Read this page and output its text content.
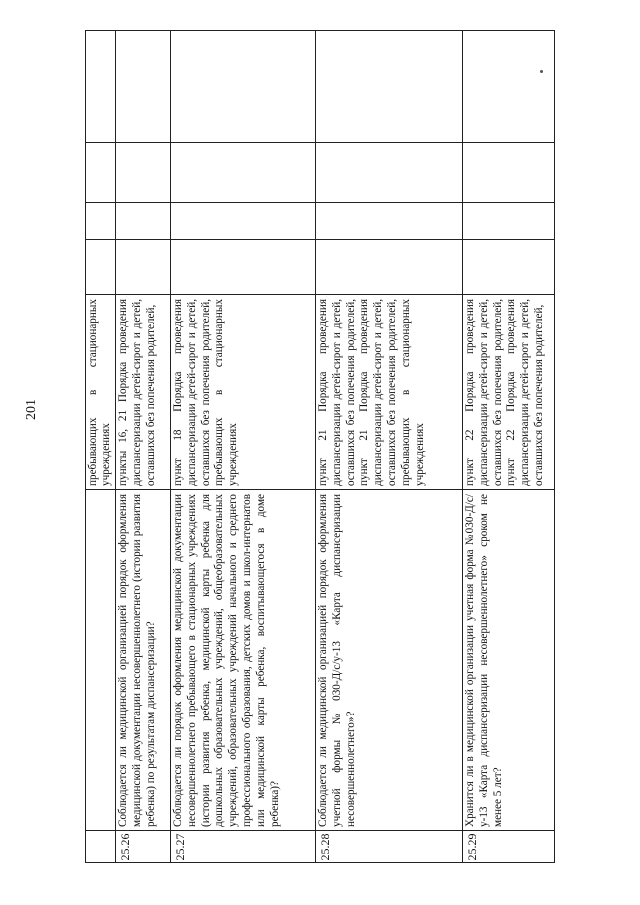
201	пребывающих в стационарных учреждениях
25.26
Соблюдается ли медицинской организацией порядок оформления медицинской документации несовершеннолетнего (истории развития ребенка) по результатам диспансеризации?
пункты 16, 21 Порядка проведения диспансеризации детей-сирот и детей, оставшихся без попечения родителей,
25.27
Соблюдается ли порядок оформления медицинской документации несовершеннолетнего пребывающего в стационарных учреждениях (истории развития ребенка, медицинской карты ребенка для дошкольных образовательных учреждений, общеобразовательных учреждений, образовательных учреждений начального и среднего профессионального образования, детских домов и школ-интернатов или медицинской карты ребенка, воспитывающегося в доме ребенка)?
пункт 18 Порядка проведения диспансеризации детей-сирот и детей, оставшихся без попечения родителей, пребывающих в стационарных учреждениях
25.28
Соблюдается ли медицинской организацией порядок оформления учетной формы №030-Д/с/у-13 «Карта диспансеризации несовершеннолетнего»?
пункт 21 Порядка проведения диспансеризации детей-сирот и детей, оставшихся без попечения родителей, пункт 21 Порядка проведения диспансеризации детей-сирот и детей, оставшихся без попечения родителей, пребывающих в стационарных учреждениях
25.29
Хранится ли в медицинской организации учетная форма №030-Д/с/у-13 «Карта диспансеризации несовершеннолетнего» сроком не менее 5 лет?
пункт 22 Порядка проведения диспансеризации детей-сирот и детей, оставшихся без попечения родителей, пункт 22 Порядка проведения диспансеризации детей-сирот и детей, оставшихся без попечения родителей,
